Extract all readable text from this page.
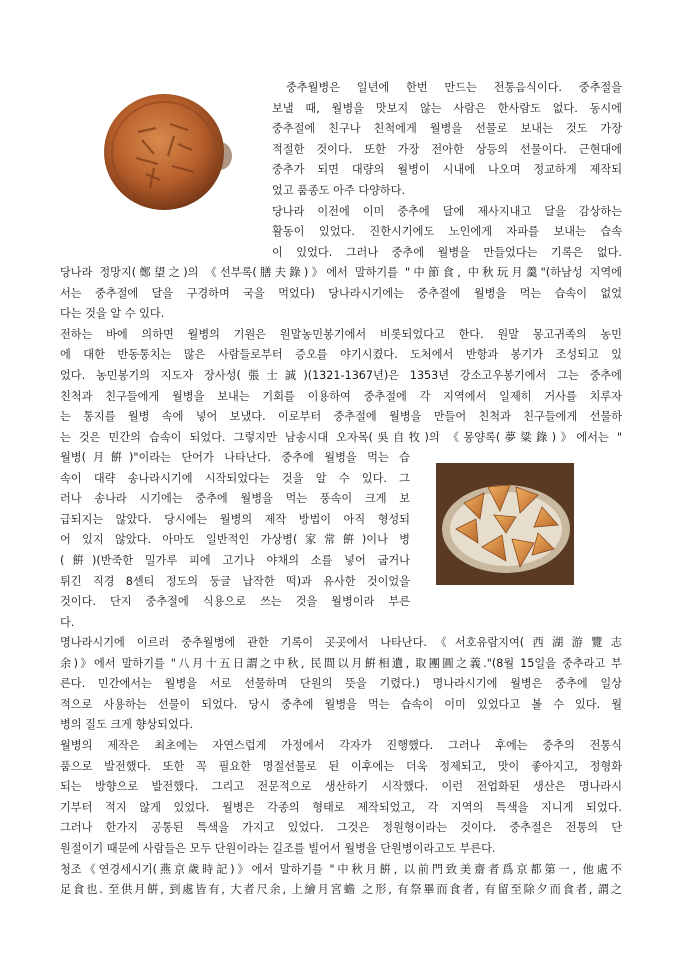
중추월병은 일년에 한번 만드는 전통음식이다. 중추절을
보낼 때, 월병을 맛보지 않는 사람은 한사람도 없다. 동시에
중추절에 친구나 친척에게 월병을 선물로 보내는 것도 가장
적절한 것이다. 또한 가장 전아한 상등의 선물이다. 근현대에
중추가 되면 대량의 월병이 시내에 나오며 정교하게 제작되
었고 품종도 아주 다양하다.
당나라 이전에 이미 중추에 달에 제사지내고 달을 감상하는
활동이 있었다. 진한시기에도 노인에게 자파를 보내는 습속
이 있었다. 그러나 중추에 월병을 만들었다는 기록은 없다.
당나라 정망지(鄭望之)의 《선부록(膳夫錄)》에서 말하기를 "中節食, 中秋玩月羹"(하남성 지역에
서는 중추절에 달을 구경하며 국을 먹었다) 당나라시기에는 중추절에 월병을 먹는 습속이 없었
다는 것을 알 수 있다.
전하는 바에 의하면 월병의 기원은 원말농민봉기에서 비롯되었다고 한다. 원말 몽고귀족의 농민
에 대한 반동통치는 많은 사람들로부터 증오를 야기시켰다. 도처에서 반항과 봉기가 조성되고 있
었다. 농민봉기의 지도자 장사성(張士誠)(1321-1367년)은 1353년 강소고우봉기에서 그는 중추에
친척과 친구들에게 월병을 보내는 기회를 이용하여 중추절에 각 지역에서 일제히 거사를 치루자
는 통지를 월병 속에 넣어 보냈다. 이로부터 중추절에 월병을 만들어 친척과 친구들에게 선물하
는 것은 민간의 습속이 되었다. 그렇지만 남송시대 오자목(吳自牧)의 《몽양록(夢粱錄)》에서는 "
월병(月餠)"이라는 단어가 나타난다. 중추에 월병을 먹는 습
속이 대략 송나라시기에 시작되었다는 것을 알 수 있다. 그
러나 송나라 시기에는 중추에 월병을 먹는 풍속이 크게 보
급되지는 않았다. 당시에는 월병의 제작 방법이 아직 형성되
어 있지 않았다. 아마도 일반적인 가상병(家常餠)이나 병
(餠)(반죽한 밀가루 피에 고기나 야채의 소를 넣어 굽거나
튀긴 직경 8센티 정도의 둥글 납작한 떡)과 유사한 것이었을
것이다. 단지 중추절에 식용으로 쓰는 것을 월병이라 부른
다.
명나라시기에 이르러 중추월병에 관한 기록이 곳곳에서 나타난다.《서호유람지여(西湖游覽志
余)》에서 말하기를 "八月十五日謂之中秋, 民間以月餠相遺, 取團圓之義."(8월 15일을 중추라고 부
른다. 민간에서는 월병을 서로 선물하며 단원의 뜻을 기렸다.) 명나라시기에 월병은 중추에 일상
적으로 사용하는 선물이 되었다. 당시 중추에 월병을 먹는 습속이 이미 있었다고 볼 수 있다. 월
병의 질도 크게 향상되었다.
월병의 제작은 최초에는 자연스럽게 가정에서 각자가 진행했다. 그러나 후에는 중추의 전통식
품으로 발전했다. 또한 꼭 필요한 명절선물로 된 이후에는 더욱 정제되고, 맛이 좋아지고, 정형화
되는 방향으로 발전했다. 그리고 전문적으로 생산하기 시작했다. 이런 전업화된 생산은 명나라시
기부터 적지 않게 있었다. 월병은 각종의 형태로 제작되었고, 각 지역의 특색을 지니게 되었다.
그러나 한가지 공통된 특색을 가지고 있었다. 그것은 정원형이라는 것이다. 중추절은 전통의 단
원절이기 때문에 사람들은 모두 단원이라는 길조를 빌어서 월병을 단원병이라고도 부른다.
청조《연경세시기(燕京歲時記)》에서 말하기를 "中秋月餠, 以前門致美齋者爲京都第一, 他處不
足食也. 至供月餠, 到處皆有, 大者尺余, 上繪月宮蟾 之形, 有祭畢而食者, 有留至除夕而食者, 謂之
